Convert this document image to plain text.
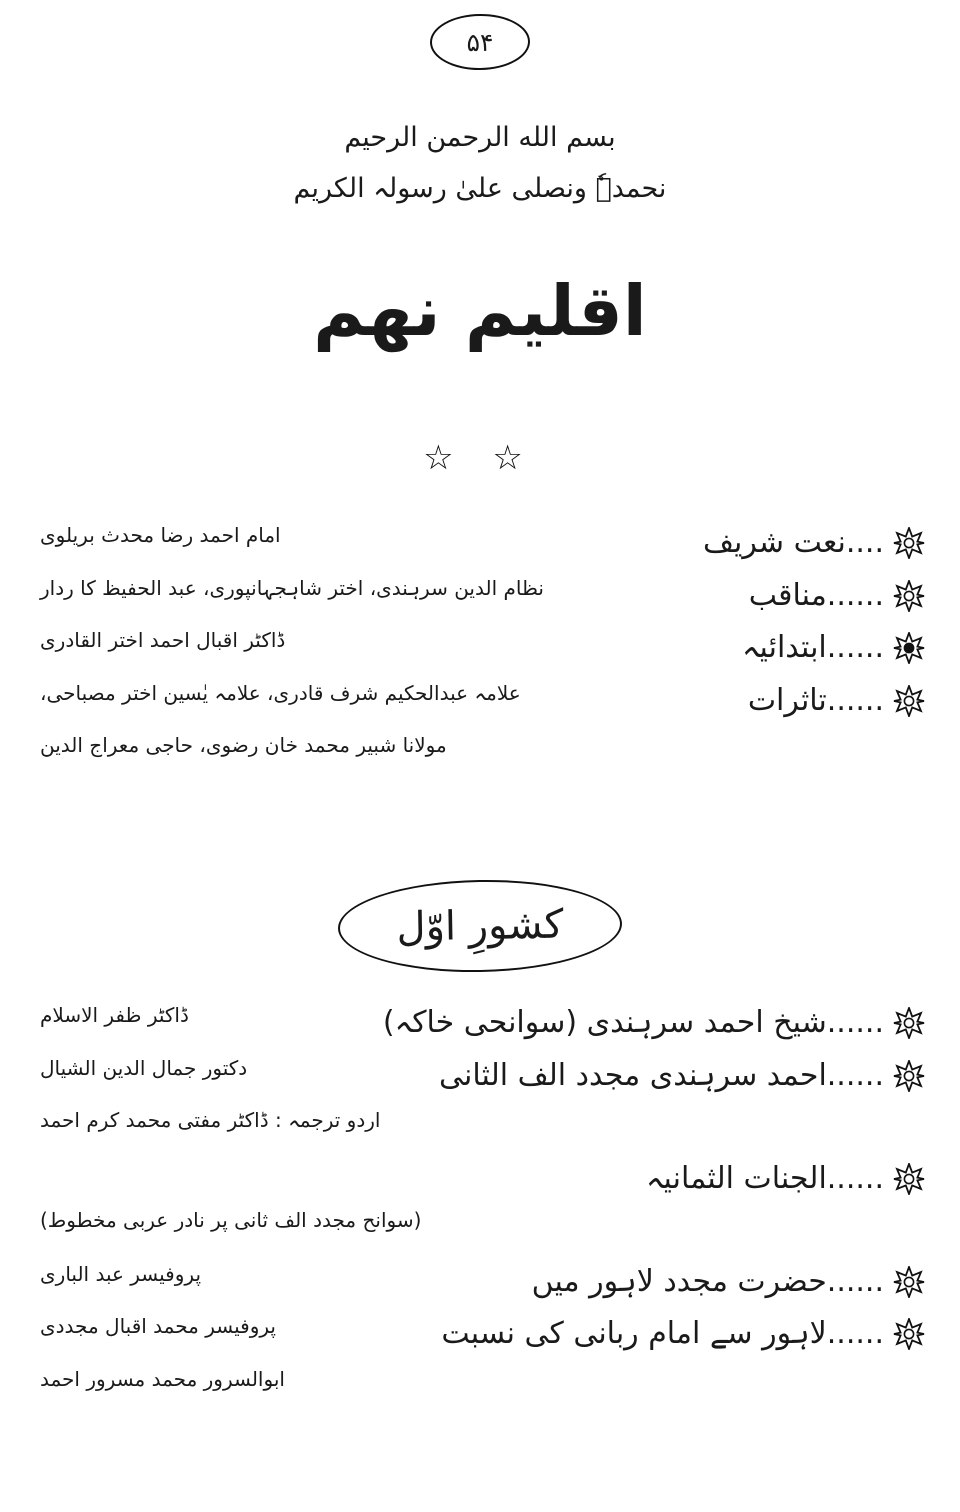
۵۴
بسم الله الرحمن الرحیم
نحمدہٗ ونصلی علیٰ رسولہ الکریم
اقلیم نهم
☆ ☆
....نعت شریف
امام احمد رضا محدث بریلوی
......مناقب
نظام الدین سرہندی، اختر شاہجہانپوری، عبد الحفیظ کا ردار
......ابتدائیہ
ڈاکٹر اقبال احمد اختر القادری
......تاثرات
علامہ عبدالحکیم شرف قادری، علامہ یٰسین اختر مصباحی،
مولانا شبیر محمد خان رضوی، حاجی معراج الدین
کشورِ اوّل
......شیخ احمد سرہندی (سوانحی خاکہ)
ڈاکٹر ظفر الاسلام
......احمد سرہندی مجدد الف الثانی
دکتور جمال الدین الشیال
اردو ترجمہ : ڈاکٹر مفتی محمد کرم احمد
......الجنات الثمانیہ
(سوانح مجدد الف ثانی پر نادر عربی مخطوط)
......حضرت مجدد لاہور میں
پروفیسر عبد الباری
......لاہور سے امام ربانی کی نسبت
پروفیسر محمد اقبال مجددی
ابوالسرور محمد مسرور احمد
